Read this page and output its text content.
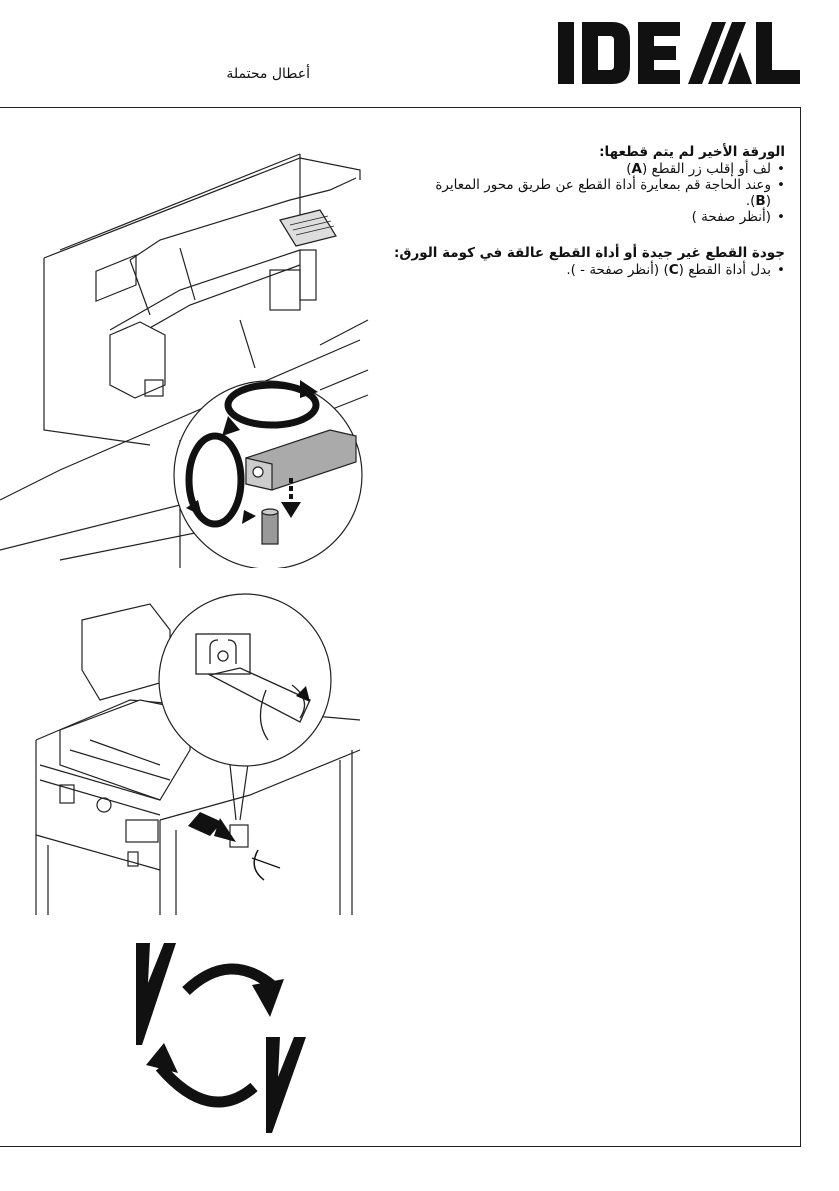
أعطال محتملة
الورقة الأخير لم يتم قطعها:
• لف أو إقلب زر القطع (A)
• وعند الحاجة قم بمعايرة أداة القطع عن طريق محور المعايرة
(B).
• (أنظر صفحة )
جودة القطع غير جيدة أو أداة القطع عالقة في كومة الورق:
• بدل أداة القطع (C) (أنظر صفحة - ).
